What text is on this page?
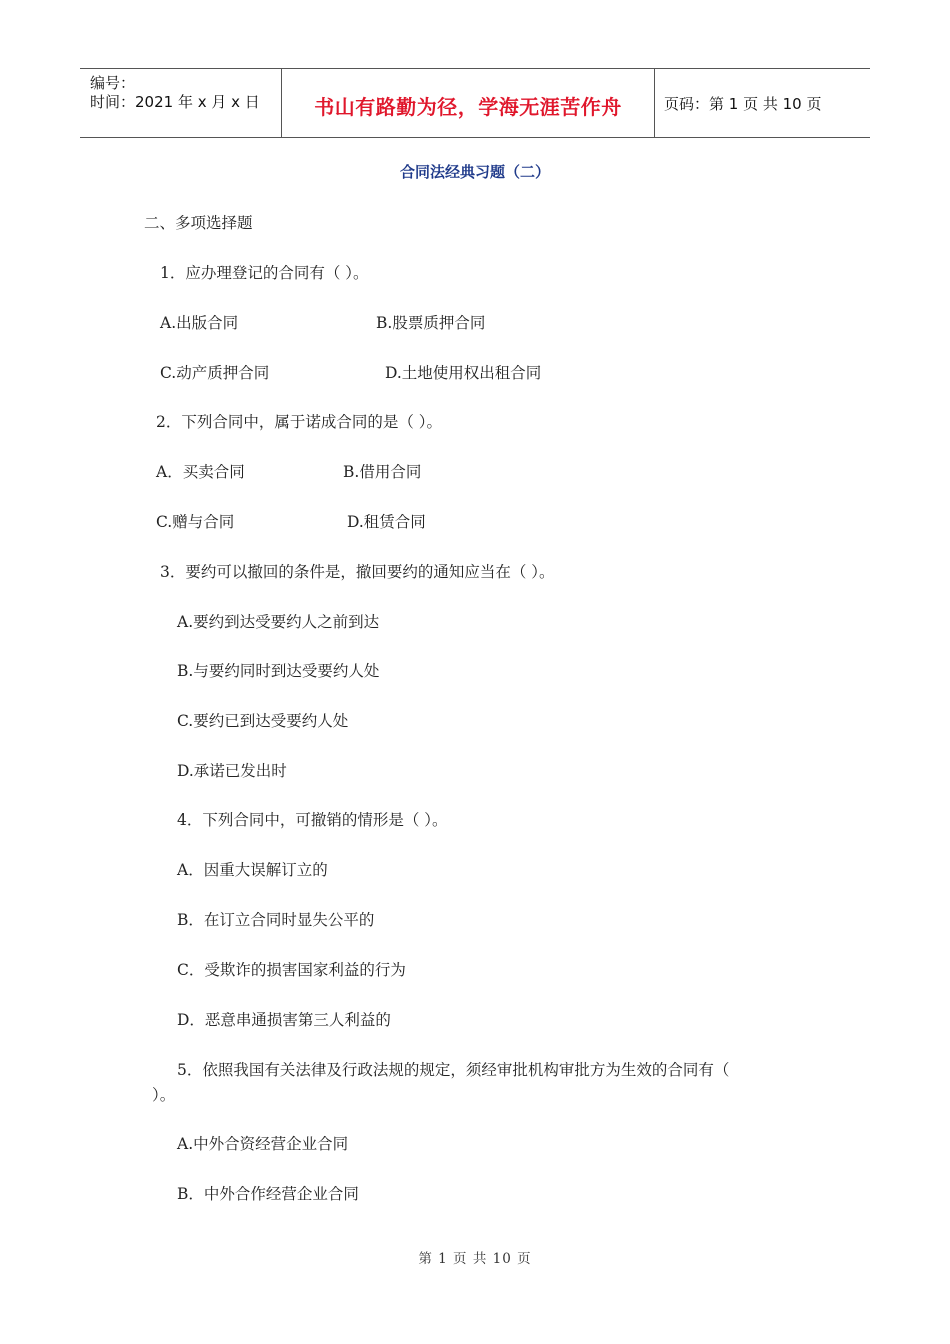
编号：
时间：2021 年 x 月 x 日	书山有路勤为径，学海无涯苦作舟	页码：第 1 页 共 10 页
合同法经典习题（二）
二、多项选择题
1．应办理登记的合同有（ ）。
A.出版合同	B.股票质押合同
C.动产质押合同	D.土地使用权出租合同
2．下列合同中，属于诺成合同的是（ ）。
A．买卖合同	B.借用合同
C.赠与合同	D.租赁合同
3．要约可以撤回的条件是，撤回要约的通知应当在（ ）。
A.要约到达受要约人之前到达
B.与要约同时到达受要约人处
C.要约已到达受要约人处
D.承诺已发出时
4．下列合同中，可撤销的情形是（ ）。
A．因重大误解订立的
B．在订立合同时显失公平的
C．受欺诈的损害国家利益的行为
D．恶意串通损害第三人利益的
5．依照我国有关法律及行政法规的规定，须经审批机构审批方为生效的合同有（
）。
A.中外合资经营企业合同
B．中外合作经营企业合同
第 1 页 共 10 页
